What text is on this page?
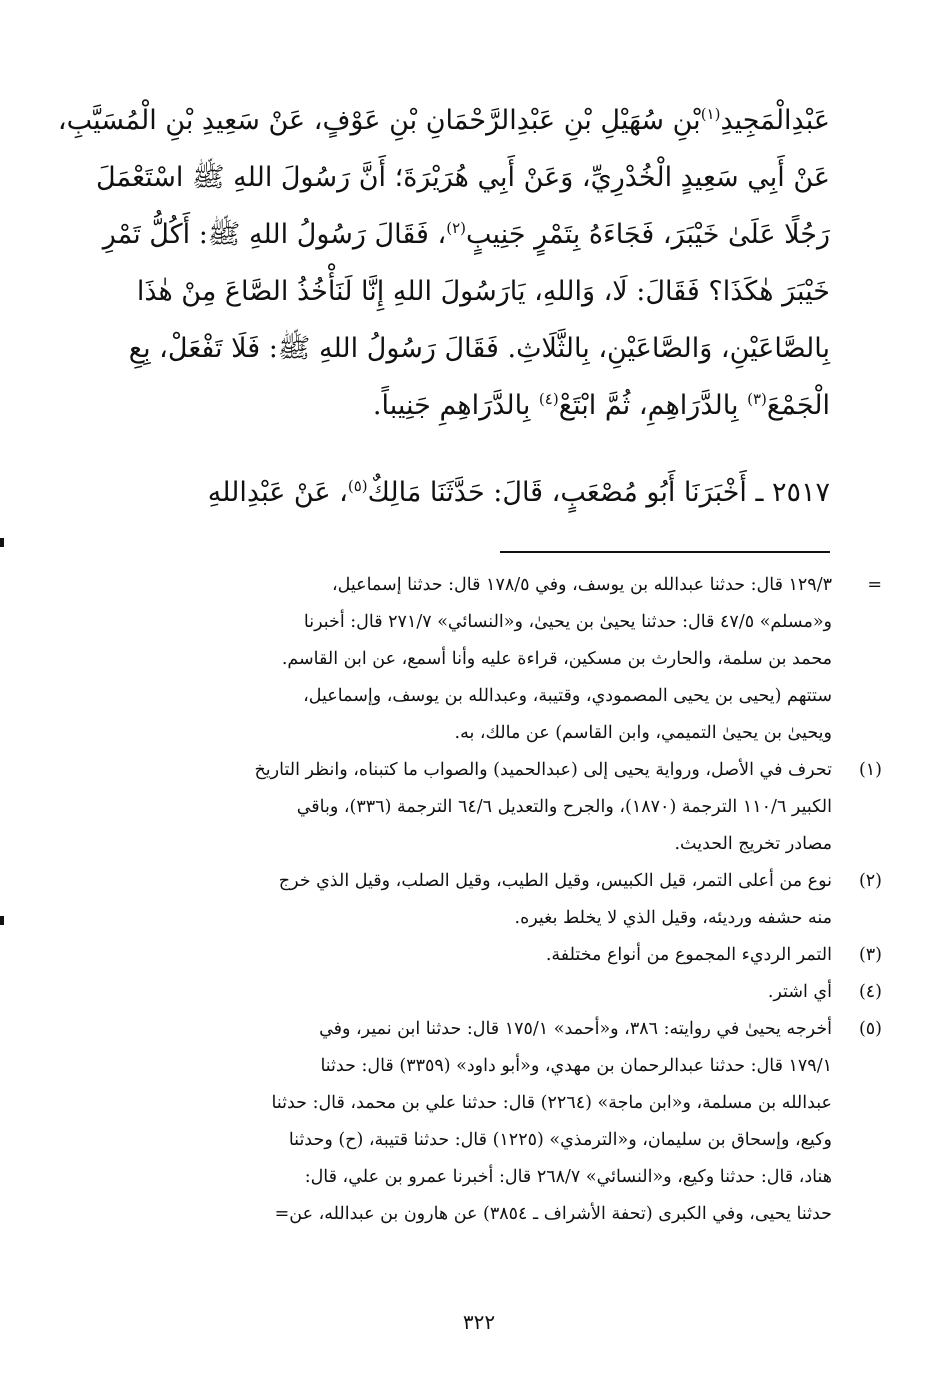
عَبْدِالْمَجِيدِ$^{(١)}$بْنِ سُهَيْلِ بْنِ عَبْدِالرَّحْمَانِ بْنِ عَوْفٍ، عَنْ سَعِيدِ بْنِ الْمُسَيَّبِ،
عَنْ أَبِي سَعِيدٍ الْخُدْرِيِّ، وَعَنْ أَبِي هُرَيْرَةَ؛ أَنَّ رَسُولَ اللهِ ﷺ اسْتَعْمَلَ
رَجُلًا عَلَىٰ خَيْبَرَ، فَجَاءَهُ بِتَمْرٍ جَنِيبٍ$^{(٢)}$، فَقَالَ رَسُولُ اللهِ ﷺ: أَكُلُّ تَمْرِ
خَيْبَرَ هٰكَذَا؟ فَقَالَ: لَا، وَاللهِ، يَارَسُولَ اللهِ إِنَّا لَنَأْخُذُ الصَّاعَ مِنْ هٰذَا
بِالصَّاعَيْنِ، وَالصَّاعَيْنِ، بِالثَّلَاثِ. فَقَالَ رَسُولُ اللهِ ﷺ: فَلَا تَفْعَلْ، بِعِ
الْجَمْعَ$^{(٣)}$ بِالدَّرَاهِمِ، ثُمَّ ابْتَعْ$^{(٤)}$ بِالدَّرَاهِمِ جَنِيباً.
٢٥١٧ ـ أَخْبَرَنَا أَبُو مُصْعَبٍ، قَالَ: حَدَّثَنَا مَالِكٌ$^{(٥)}$، عَنْ عَبْدِاللهِ
=
١٢٩/٣ قال: حدثنا عبدالله بن يوسف، وفي ١٧٨/٥ قال: حدثنا إسماعيل،
و«مسلم» ٤٧/٥ قال: حدثنا يحيىٰ بن يحيىٰ، و«النسائي» ٢٧١/٧ قال: أخبرنا
محمد بن سلمة، والحارث بن مسكين، قراءة عليه وأنا أسمع، عن ابن القاسم.
ستتهم (يحيى بن يحيى المصمودي، وقتيبة، وعبدالله بن يوسف، وإسماعيل،
ويحيىٰ بن يحيىٰ التميمي، وابن القاسم) عن مالك، به.
(١)
تحرف في الأصل، ورواية يحيى إلى (عبدالحميد) والصواب ما كتبناه، وانظر التاريخ
الكبير ١١٠/٦ الترجمة (١٨٧٠)، والجرح والتعديل ٦٤/٦ الترجمة (٣٣٦)، وباقي
مصادر تخريج الحديث.
(٢)
نوع من أعلى التمر، قيل الكبيس، وقيل الطيب، وقيل الصلب، وقيل الذي خرج
منه حشفه ورديئه، وقيل الذي لا يخلط بغيره.
(٣)
التمر الرديء المجموع من أنواع مختلفة.
(٤)
أي اشتر.
(٥)
أخرجه يحيىٰ في روايته: ٣٨٦، و«أحمد» ١٧٥/١ قال: حدثنا ابن نمير، وفي
١٧٩/١ قال: حدثنا عبدالرحمان بن مهدي، و«أبو داود» (٣٣٥٩) قال: حدثنا
عبدالله بن مسلمة، و«ابن ماجة» (٢٢٦٤) قال: حدثنا علي بن محمد، قال: حدثنا
وكيع، وإسحاق بن سليمان، و«الترمذي» (١٢٢٥) قال: حدثنا قتيبة، (ح) وحدثنا
هناد، قال: حدثنا وكيع، و«النسائي» ٢٦٨/٧ قال: أخبرنا عمرو بن علي، قال:
حدثنا يحيى، وفي الكبرى (تحفة الأشراف ـ ٣٨٥٤) عن هارون بن عبدالله، عن=
٣٢٢
